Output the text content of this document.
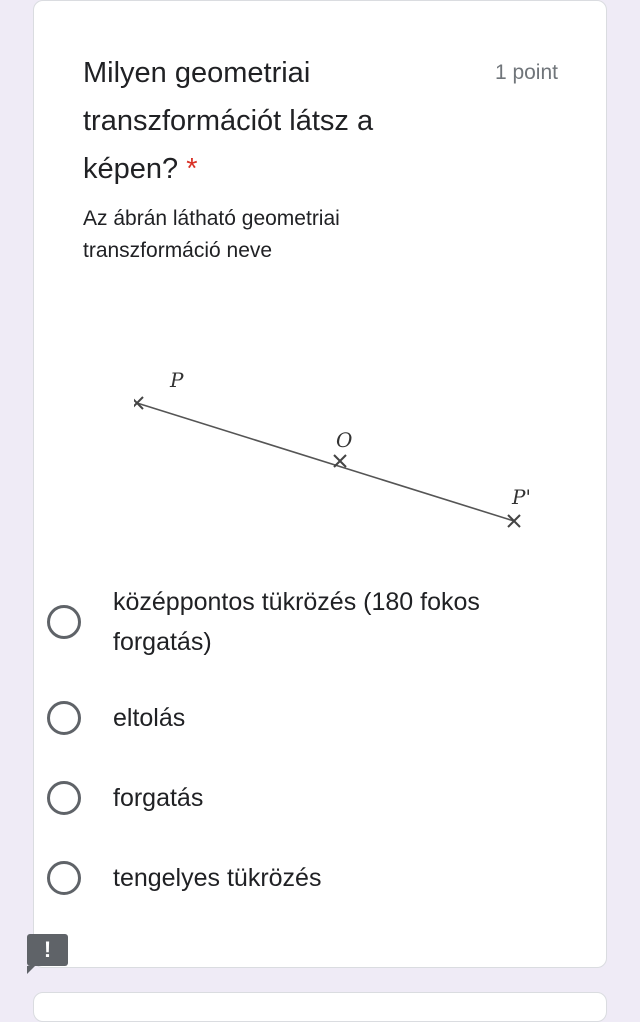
Milyen geometriai transzformációt látsz a képen? *
1 point
Az ábrán látható geometriai transzformáció neve
P
O
P'
középpontos tükrözés (180 fokos forgatás)
eltolás
forgatás
tengelyes tükrözés
!
